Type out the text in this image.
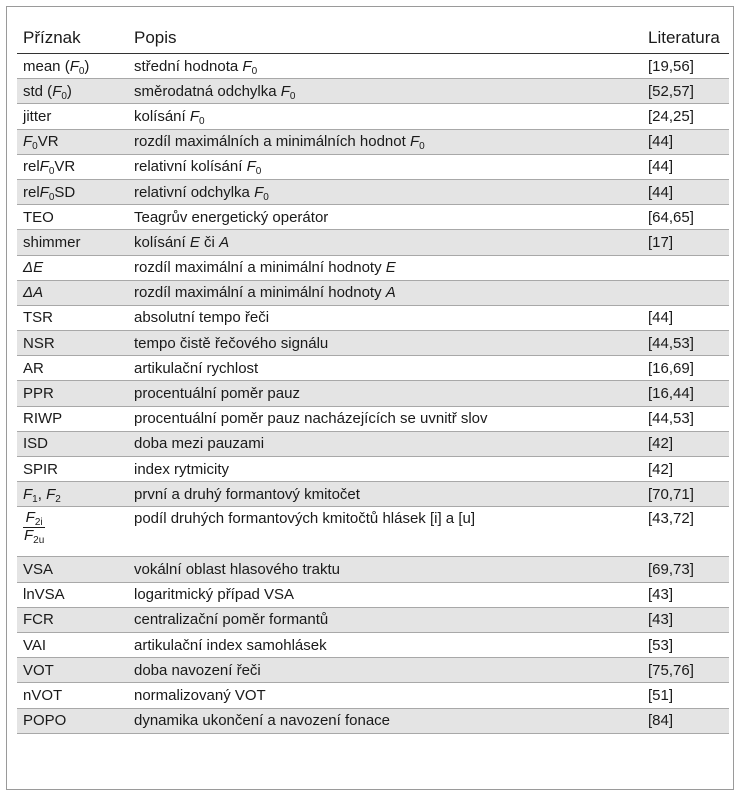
Příznak	Popis	Literatura
mean $(F_0)$	střední hodnota $F_0$	[19,56]
std $(F_0)$	směrodatná odchylka $F_0$	[52,57]
jitter	kolísání $F_0$	[24,25]
$F_0VR$	rozdíl maximálních a minimálních hodnot $F_0$	[44]
relF$_0$VR	relativní kolísání $F_0$	[44]
relF$_0$SD	relativní odchylka $F_0$	[44]
TEO	Teagrův energetický operátor	[64,65]
shimmer	kolísání E či A	[17]
ΔE	rozdíl maximální a minimální hodnoty E	
ΔA	rozdíl maximální a minimální hodnoty A	
TSR	absolutní tempo řeči	[44]
NSR	tempo čistě řečového signálu	[44,53]
AR	artikulační rychlost	[16,69]
PPR	procentuální poměr pauz	[16,44]
RIWP	procentuální poměr pauz nacházejících se uvnitř slov	[44,53]
ISD	doba mezi pauzami	[42]
SPIR	index rytmicity	[42]
$F_1$, $F_2$	první a druhý formantový kmitočet	[70,71]

$\frac{F_{2i}}{F_{2u}}$	podíl druhých formantových kmitočtů hlásek [i] a [u]	[43,72]
VSA	vokální oblast hlasového traktu	[69,73]
lnVSA	logaritmický případ VSA	[43]
FCR	centralizační poměr formantů	[43]
VAI	artikulační index samohlásek	[53]
VOT	doba navození řeči	[75,76]
nVOT	normalizovaný VOT	[51]
POPO	dynamika ukončení a navození fonace	[84]
